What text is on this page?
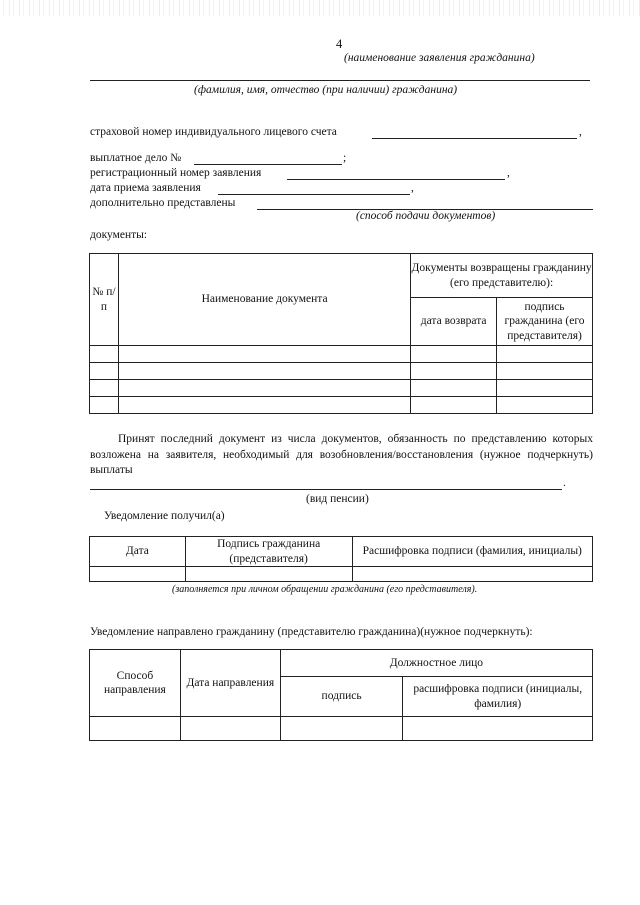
4
(наименование заявления гражданина)
(фамилия, имя, отчество (при наличии) гражданина)
страховой номер индивидуального лицевого счета	,
выплатное дело №	;
регистрационный номер заявления	,
дата приема заявления	,
дополнительно представлены
(способ подачи документов)
документы:
№ п/п	Наименование документа	Документы возвращены гражданину (его представителю):	
		дата возврата	подпись гражданина (его представителя)

Принят последний документ из числа документов, обязанность по представлению которых возложена на заявителя, необходимый для возобновления/восстановления (нужное подчеркнуть) выплаты
.
(вид пенсии)
Уведомление получил(а)
Дата	Подпись гражданина (представителя)	Расшифровка подписи (фамилия, инициалы)

(заполняется при личном обращении гражданина (его представителя).
Уведомление направлено гражданину (представителю гражданина)(нужное подчеркнуть):
Способ направления	Дата направления	Должностное лицо	
		подпись	расшифровка подписи (инициалы, фамилия)
